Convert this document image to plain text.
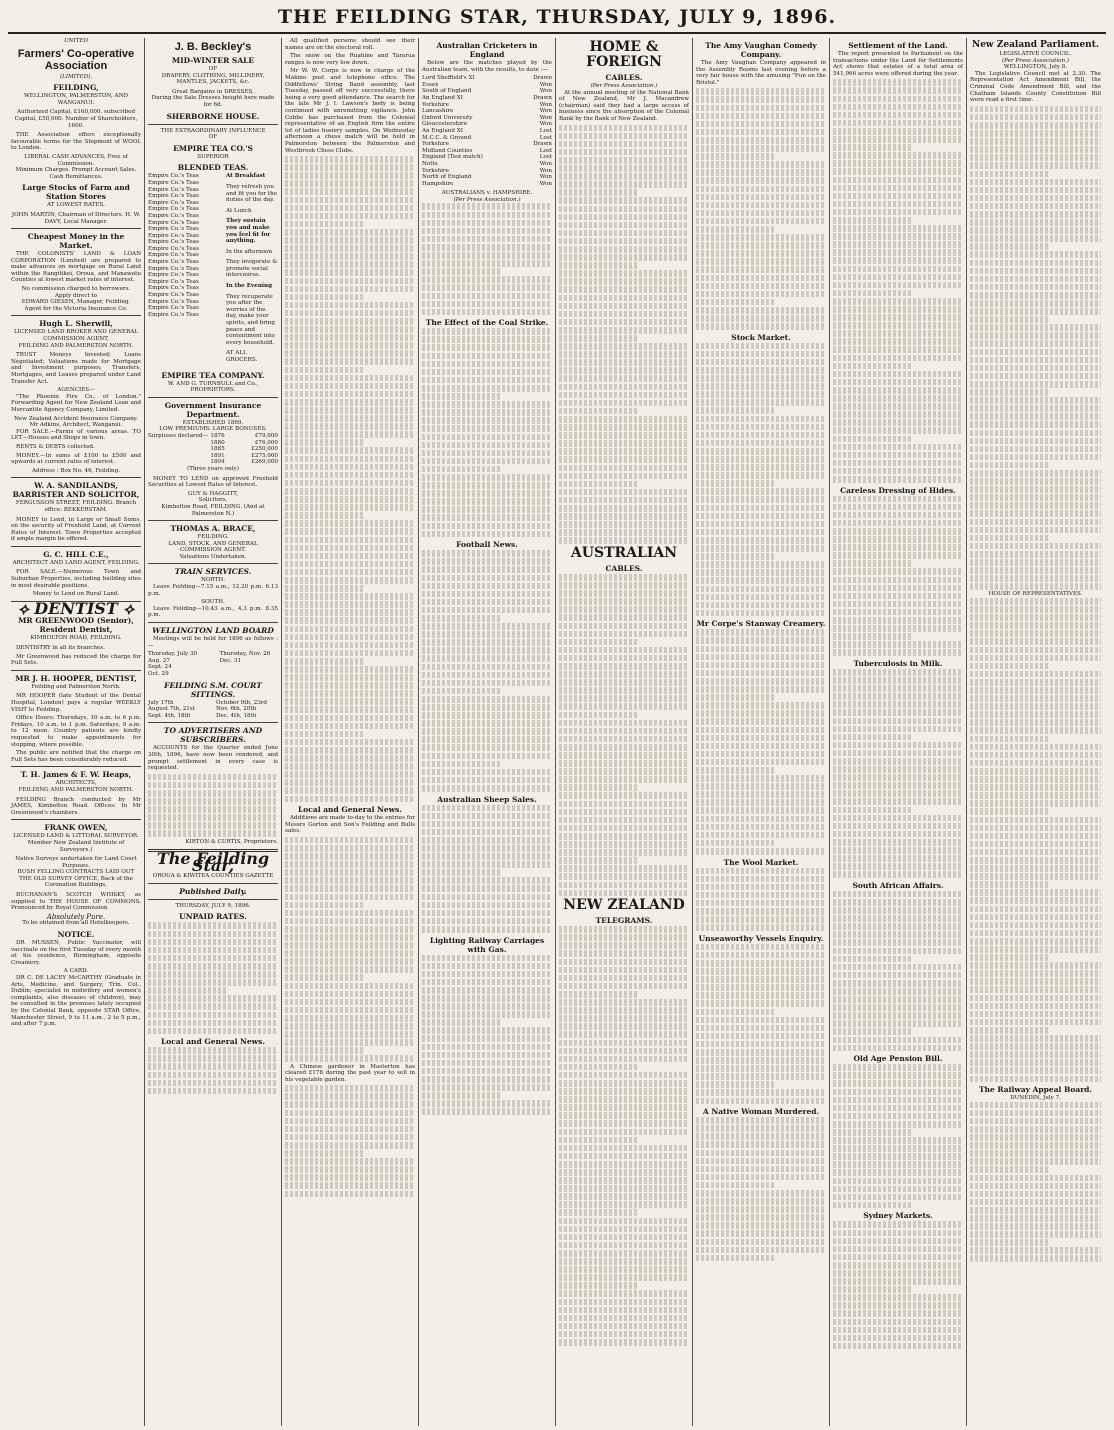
THE FEILDING STAR, THURSDAY, JULY 9, 1896.
UNITED
Farmers' Co-operative Association
(LIMITED),
FEILDING,
WELLINGTON, PALMERSTON, AND WANGANUI.
Authorized Capital, £160,000. subscribed Capital, £50,000. Number of Shareholders, 1600.
THE Association offers exceptionally favourable terms for the Shipment of WOOL to London.
LIBERAL CASH ADVANCES, Free of Commission.
Minimum Charges. Prompt Account Sales.
Cash Remittances.
Large Stocks of Farm and Station Stores
AT LOWEST RATES.
JOHN MARTIN, Chairman of Directors. H. W. DAVY, Local Manager.
Cheapest Money in the Market.
THE COLONISTS' LAND & LOAN CORPORATION (Limited) are prepared to make advances on mortgage on Rural Land within the Rangitikei, Oroua, and Manawatu Counties at lowest market rates of interest.
No commission charged to borrowers.
Apply direct to
EDWARD GIESEN, Manager, Feilding.
Agent for the Victoria Insurance Co.
Hugh L. Sherwill,
LICENSED LAND BROKER AND GENERAL COMMISSION AGENT,
FEILDING AND PALMERSTON NORTH.
TRUST Moneys Invested; Loans Negotiated; Valuations made for Mortgage and Investment purposes; Transfers, Mortgages, and Leases prepared under Land Transfer Act.
AGENCIES—
"The Phoenix Fire Co., of London." Forwarding Agent for New Zealand Loan and Mercantile Agency Company, Limited.
New Zealand Accident Insurance Company.
Mr Adkins, Architect, Wanganui.
FOR SALE.—Farms of various areas. TO LET—Houses and Shops in town.
RENTS & DEBTS collected.
MONEY.—In sums of £100 to £500 and upwards at current rates of interest.
Address : Box No. 46, Feilding.
W. A. SANDILANDS, BARRISTER AND SOLICITOR,
FERGUSSON STREET, FEILDING. Branch office: BEKKERSTAM.
MONEY to Lend, in Large or Small Sums, on the security of Freehold Land, at Current Rates of Interest. Town Properties accepted if ample margin be offered.
G. C. HILL C.E.,
ARCHITECT AND LAND AGENT, FEILDING.
FOR SALE.—Numerous Town and Suburban Properties, including building sites in most desirable positions.
Money to Lend on Rural Land.
⟡ DENTIST ⟡
MR GREENWOOD (Senior), Resident Dentist,
KIMBOLTON ROAD, FEILDING.
DENTISTRY in all its branches.
Mr Greenwood has reduced the charge for Full Sets.
MR J. H. HOOPER, DENTIST,
Feilding and Palmerston North.
MR HOOPER (late Student of the Dental Hospital, London) pays a regular WEEKLY VISIT to Feilding.
Office Hours: Thursdays, 10 a.m. to 6 p.m. Fridays, 10 a.m. to 1 p.m. Saturdays, 9 a.m. to 12 noon. Country patients are kindly requested to make appointments for stopping, where possible.
The public are notified that the charge on Full Sets has been considerably reduced.
T. H. James & F. W. Heaps,
ARCHITECTS,
FEILDING AND PALMERSTON NORTH.
FEILDING Branch conducted by Mr JAMES, Kimbolton Road. Offices: In Mr Greenwood's chambers.
FRANK OWEN,
LICENSED LAND & LITTORAL SURVEYOR.
Member New Zealand Institute of Surveyors.)
Native Surveys undertaken for Land Court Purposes.
BUSH FELLING CONTRACTS LAID OUT
THE OLD SURVEY OFFICE, Back of the Coronation Buildings,
BUCHANAN'S SCOTCH WHISKY, as supplied to THE HOUSE OF COMMONS. Pronounced by Royal Commission
Absolutely Pure.
To be obtained from all Hotelkeepers.
NOTICE.
DR MUSSEN, Public Vaccinator, will vaccinate on the first Tuesday of every month at his residence, Birmingham, opposite Creamery.
A CARD.
DR C. DE LACEY McCARTHY (Graduate in Arts, Medicine, and Surgery, Trin. Col., Dublin; specialist in midwifery and women's complaints, also diseases of children), may be consulted in the premises lately occupied by the Colonial Bank, opposite STAR Office, Manchester Street, 9 to 11 a.m., 2 to 5 p.m., and after 7 p.m.
J. B. Beckley's
MID-WINTER SALE
OF
DRAPERY, CLOTHING, MILLINERY, MANTLES, JACKETS, &c.
Great Bargains in DRESSES.
During the Sale Dresses bought here made for 6d.
SHERBORNE HOUSE.
THE EXTRAORDINARY INFLUENCE
OF
EMPIRE TEA CO.'S
SUPERIOR
BLENDED TEAS.
Empire Co.'s Teas
Empire Co.'s Teas
Empire Co.'s Teas
Empire Co.'s Teas
Empire Co.'s Teas
Empire Co.'s Teas
Empire Co.'s Teas
Empire Co.'s Teas
Empire Co.'s Teas
Empire Co.'s Teas
Empire Co.'s Teas
Empire Co.'s Teas
Empire Co.'s Teas
Empire Co.'s Teas
Empire Co.'s Teas
Empire Co.'s Teas
Empire Co.'s Teas
Empire Co.'s Teas
Empire Co.'s Teas
Empire Co.'s Teas
Empire Co.'s Teas
Empire Co.'s Teas
At Breakfast
They refresh you and fit you for the duties of the day.
At Lunch
They sustain you and make you feel fit for anything.
In the afternoon
They invigorate & promote social intercourse.
In the Evening
They recuperate you after the worries of the day, make your spirits, and bring peace and contentment into every household.
AT ALL GROCERS.
EMPIRE TEA COMPANY.
W. AND G. TURNBULL and Co., PROPRIETORS.
Government Insurance Department.
ESTABLISHED 1869.
LOW PREMIUMS. LARGE BONUSES.
Surpluses declared— 1876	£79,000
1880	£76,000
1885	£250,000
1891	£275,000
1894	£269,000
(Three years only)
MONEY TO LEND on approved Freehold Securities at Lowest Rates of Interest.
GUY & HAGGITT,
Solicitors,
Kimbolton Road, FEILDING. (And at Palmerston N.)
THOMAS A. BRACE,
FEILDING.
LAND, STOCK, AND GENERAL COMMISSION AGENT.
Valuations Undertaken.
TRAIN SERVICES.
NORTH.
Leave Feilding—7.15 a.m., 12.20 p.m. 6.13 p.m.
SOUTH.
Leave Feilding—10.43 a.m., 4.3 p.m. 8.35 p.m.
WELLINGTON LAND BOARD
Meetings will be held for 1896 as follows :—
Thursday, July 30
Aug. 27
Sept. 24
Oct. 29
Thursday, Nov. 26
Dec. 31
FEILDING S.M. COURT SITTINGS.
July 17th
August 7th, 21st
Sept. 4th, 18th
October 9th, 23rd
Nov. 6th, 20th
Dec. 4th, 18th
TO ADVERTISERS AND SUBSCRIBERS.
ACCOUNTS for the Quarter ended June 30th, 1896, have now been rendered, and prompt settlement in every case is requested.
KIRTON & CURTIS, Proprietors.
The Feilding Star,
OROUA & KIWITEA COUNTIES GAZETTE
Published Daily.
THURSDAY, JULY 9, 1896.
UNPAID RATES.
Local and General News.
All qualified persons should see their names are on the electoral roll.
The snow on the Ruahine and Tararua ranges is now very low down.
Mr W. W. Corpe is now in charge of the Makino post and telephone office. The Oddfellows' String Band assembly, last Tuesday, passed off very successfully, there being a very good attendance. The search for the late Mr J. I. Lawson's body is being continued with unremitting vigilance. John Cobbe has purchased from the Colonial representative of an English firm the entire lot of ladies hosiery samples. On Wednesday afternoon a chess match will be held in Palmerston between the Palmerston and Westbrook Chess Clubs.
Local and General News.
Additions are made to-day to the entries for Messrs Gorton and Son's Feilding and Bulls sales.
A Chinese gardener in Masterton has cleared £178 during the past year to sell in his vegetable garden.
Australian Cricketers in England
Below are the matches played by the Australian team, with the results, to date :—
Lord Sheffield's XI	Drawn
Essex	Won
South of England	Won
An England XI	Drawn
Yorkshire	Won
Lancashire	Won
Oxford University	Won
Gloucestershire	Won
An England XI	Lost
M.C.C. & Ground	Lost
Yorkshire	Drawn
Midland Counties	Lost
England (Test match)	Lost
Notts	Won
Yorkshire	Won
North of England	Won
Hampshire	Won
AUSTRALIANS v. HAMPSHIRE.
(Per Press Association.)
The Effect of the Coal Strike.
Football News.
Australian Sheep Sales.
Lighting Railway Carriages with Gas.
HOME & FOREIGN
CABLES.
(Per Press Association.)
At the annual meeting of the National Bank of New Zealand, Mr J. Macandrew (chairman) said they had a large access of business since the absorption of the Colonial Bank by the Bank of New Zealand.
AUSTRALIAN
CABLES.
NEW ZEALAND
TELEGRAMS.
The Amy Vaughan Comedy Company.
The Amy Vaughan Company appeared in the Assembly Rooms last evening before a very fair house with the amusing "Fun on the Bristol."
Stock Market.
Mr Corpe's Stanway Creamery.
The Wool Market.
Unseaworthy Vessels Enquiry.
A Native Woman Murdered.
Settlement of the Land.
The report presented to Parliament on the transactions under the Land for Settlements Act shows that estates of a total area of 541,966 acres were offered during the year.
Careless Dressing of Hides.
Tuberculosis in Milk.
South African Affairs.
Old Age Pension Bill.
Sydney Markets.
New Zealand Parliament.
LEGISLATIVE COUNCIL.
(Per Press Association.)
WELLINGTON, July 8.
The Legislative Council met at 2.30. The Representation Act Amendment Bill, the Criminal Code Amendment Bill, and the Chatham Islands County Constitution Bill were read a first time.
HOUSE OF REPRESENTATIVES.
The Railway Appeal Board.
DUNEDIN, July 7.
